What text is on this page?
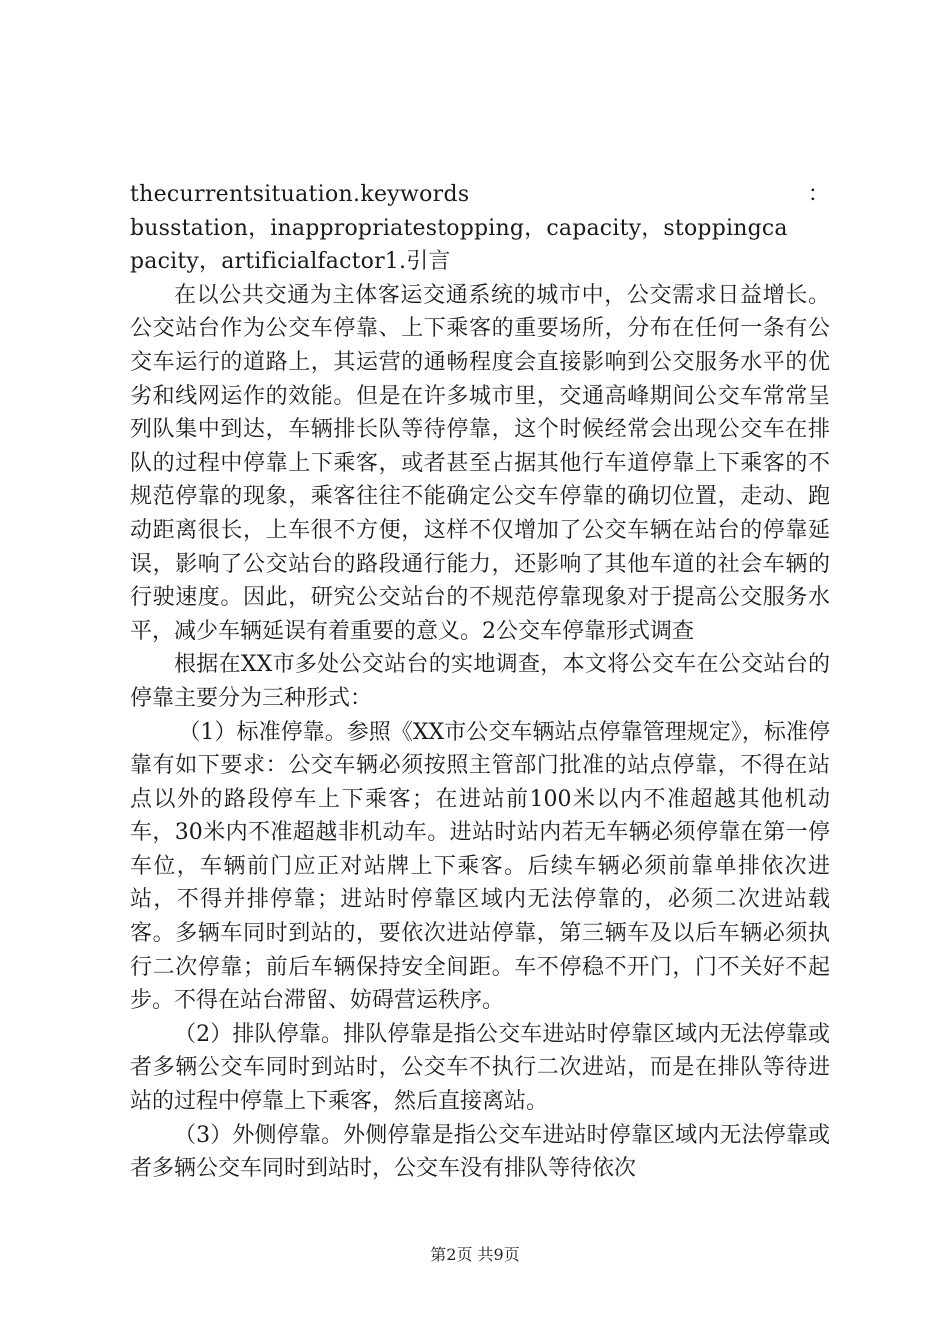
thecurrentsituation.keywords	：
busstation，inappropriatestopping，capacity，stoppingca
pacity，artificialfactor1.引言

在以公共交通为主体客运交通系统的城市中，公交需求日益增长。公交站台作为公交车停靠、上下乘客的重要场所，分布在任何一条有公交车运行的道路上，其运营的通畅程度会直接影响到公交服务水平的优劣和线网运作的效能。但是在许多城市里，交通高峰期间公交车常常呈列队集中到达，车辆排长队等待停靠，这个时候经常会出现公交车在排队的过程中停靠上下乘客，或者甚至占据其他行车道停靠上下乘客的不规范停靠的现象，乘客往往不能确定公交车停靠的确切位置，走动、跑动距离很长，上车很不方便，这样不仅增加了公交车辆在站台的停靠延误，影响了公交站台的路段通行能力，还影响了其他车道的社会车辆的行驶速度。因此，研究公交站台的不规范停靠现象对于提高公交服务水平，减少车辆延误有着重要的意义。2公交车停靠形式调查

根据在XX市多处公交站台的实地调查，本文将公交车在公交站台的停靠主要分为三种形式：

（1）标准停靠。参照《XX市公交车辆站点停靠管理规定》，标准停靠有如下要求：公交车辆必须按照主管部门批准的站点停靠，不得在站点以外的路段停车上下乘客；在进站前100米以内不准超越其他机动车，30米内不准超越非机动车。进站时站内若无车辆必须停靠在第一停车位，车辆前门应正对站牌上下乘客。后续车辆必须前靠单排依次进站，不得并排停靠；进站时停靠区域内无法停靠的，必须二次进站载客。多辆车同时到站的，要依次进站停靠，第三辆车及以后车辆必须执行二次停靠；前后车辆保持安全间距。车不停稳不开门，门不关好不起步。不得在站台滞留、妨碍营运秩序。

（2）排队停靠。排队停靠是指公交车进站时停靠区域内无法停靠或者多辆公交车同时到站时，公交车不执行二次进站，而是在排队等待进站的过程中停靠上下乘客，然后直接离站。

（3）外侧停靠。外侧停靠是指公交车进站时停靠区域内无法停靠或者多辆公交车同时到站时，公交车没有排队等待依次

第2页 共9页
